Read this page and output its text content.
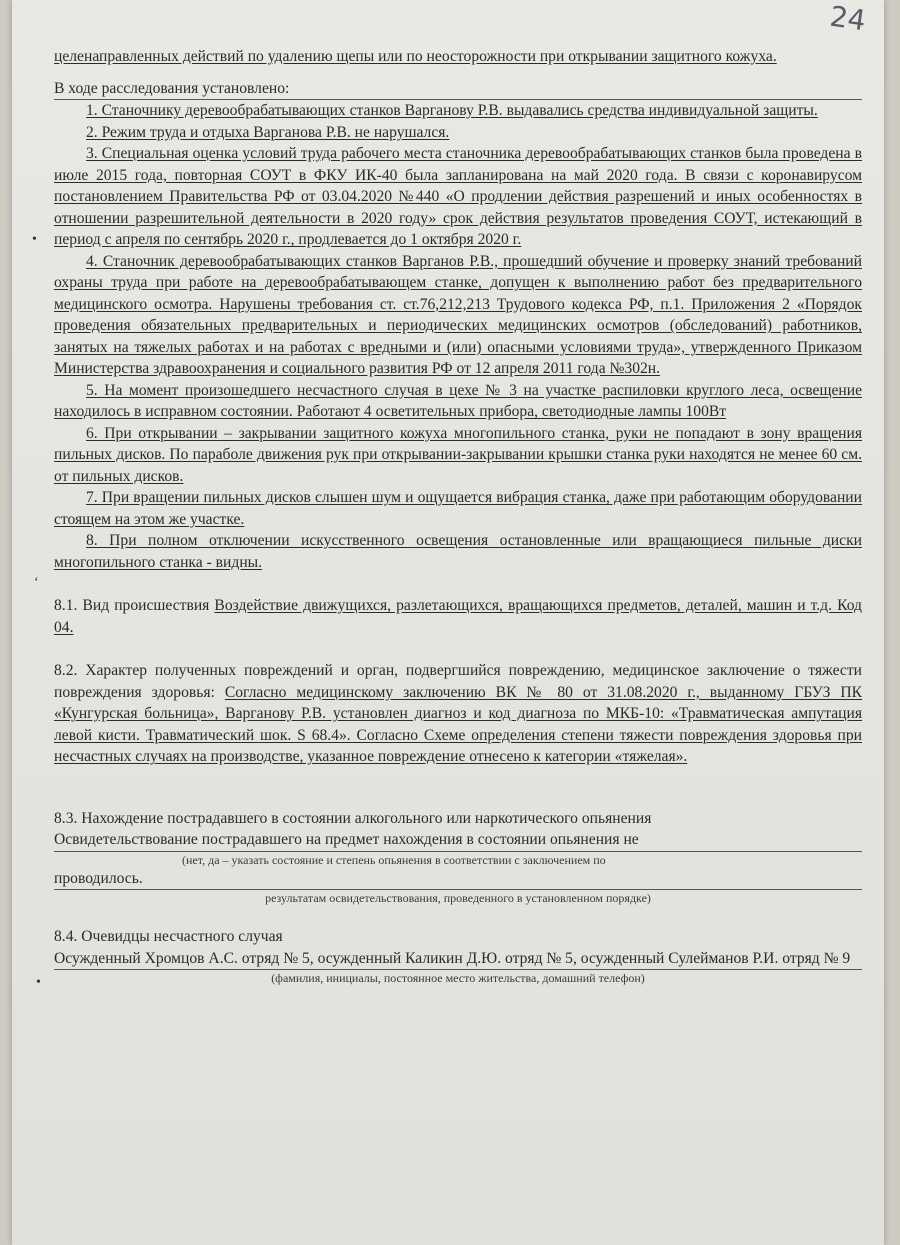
24
•
‘
•
целенаправленных действий по удалению щепы или по неосторожности при открывании защитного кожуха.
В ходе расследования установлено:
1. Станочнику деревообрабатывающих станков Варганову Р.В. выдавались средства индивидуальной защиты.
2. Режим труда и отдыха Варганова Р.В. не нарушался.
3. Специальная оценка условий труда рабочего места станочника деревообрабатывающих станков была проведена в июле 2015 года, повторная СОУТ в ФКУ ИК-40 была запланирована на май 2020 года. В связи с коронавирусом постановлением Правительства РФ от 03.04.2020 №440 «О продлении действия разрешений и иных особенностях в отношении разрешительной деятельности в 2020 году» срок действия результатов проведения СОУТ, истекающий в период с апреля по сентябрь 2020 г., продлевается до 1 октября 2020 г.
4. Станочник деревообрабатывающих станков Варганов Р.В., прошедший обучение и проверку знаний требований охраны труда при работе на деревообрабатывающем станке, допущен к выполнению работ без предварительного медицинского осмотра. Нарушены требования ст. ст.76,212,213 Трудового кодекса РФ, п.1. Приложения 2 «Порядок проведения обязательных предварительных и периодических медицинских осмотров (обследований) работников, занятых на тяжелых работах и на работах с вредными и (или) опасными условиями труда», утвержденного Приказом Министерства здравоохранения и социального развития РФ от 12 апреля 2011 года №302н.
5. На момент произошедшего несчастного случая в цехе № 3 на участке распиловки круглого леса, освещение находилось в исправном состоянии. Работают 4 осветительных прибора, светодиодные лампы 100Вт
6. При открывании – закрывании защитного кожуха многопильного станка, руки не попадают в зону вращения пильных дисков. По параболе движения рук при открывании-закрывании крышки станка руки находятся не менее 60 см. от пильных дисков.
7. При вращении пильных дисков слышен шум и ощущается вибрация станка, даже при работающим оборудовании стоящем на этом же участке.
8. При полном отключении искусственного освещения остановленные или вращающиеся пильные диски многопильного станка - видны.
8.1. Вид происшествия Воздействие движущихся, разлетающихся, вращающихся предметов, деталей, машин и т.д. Код 04.
8.2. Характер полученных повреждений и орган, подвергшийся повреждению, медицинское заключение о тяжести повреждения здоровья: Согласно медицинскому заключению ВК № 80 от 31.08.2020 г., выданному ГБУЗ ПК «Кунгурская больница», Варганову Р.В. установлен диагноз и код диагноза по МКБ-10: «Травматическая ампутация левой кисти. Травматический шок. S 68.4». Согласно Схеме определения степени тяжести повреждения здоровья при несчастных случаях на производстве, указанное повреждение отнесено к категории «тяжелая».
8.3. Нахождение пострадавшего в состоянии алкогольного или наркотического опьянения
Освидетельствование пострадавшего на предмет нахождения в состоянии опьянения не
(нет, да – указать состояние и степень опьянения в соответствии с заключением по
проводилось.
результатам освидетельствования, проведенного в установленном порядке)
8.4. Очевидцы несчастного случая
Осужденный Хромцов А.С. отряд № 5, осужденный Каликин Д.Ю. отряд № 5, осужденный Сулейманов Р.И. отряд № 9
(фамилия, инициалы, постоянное место жительства, домашний телефон)
